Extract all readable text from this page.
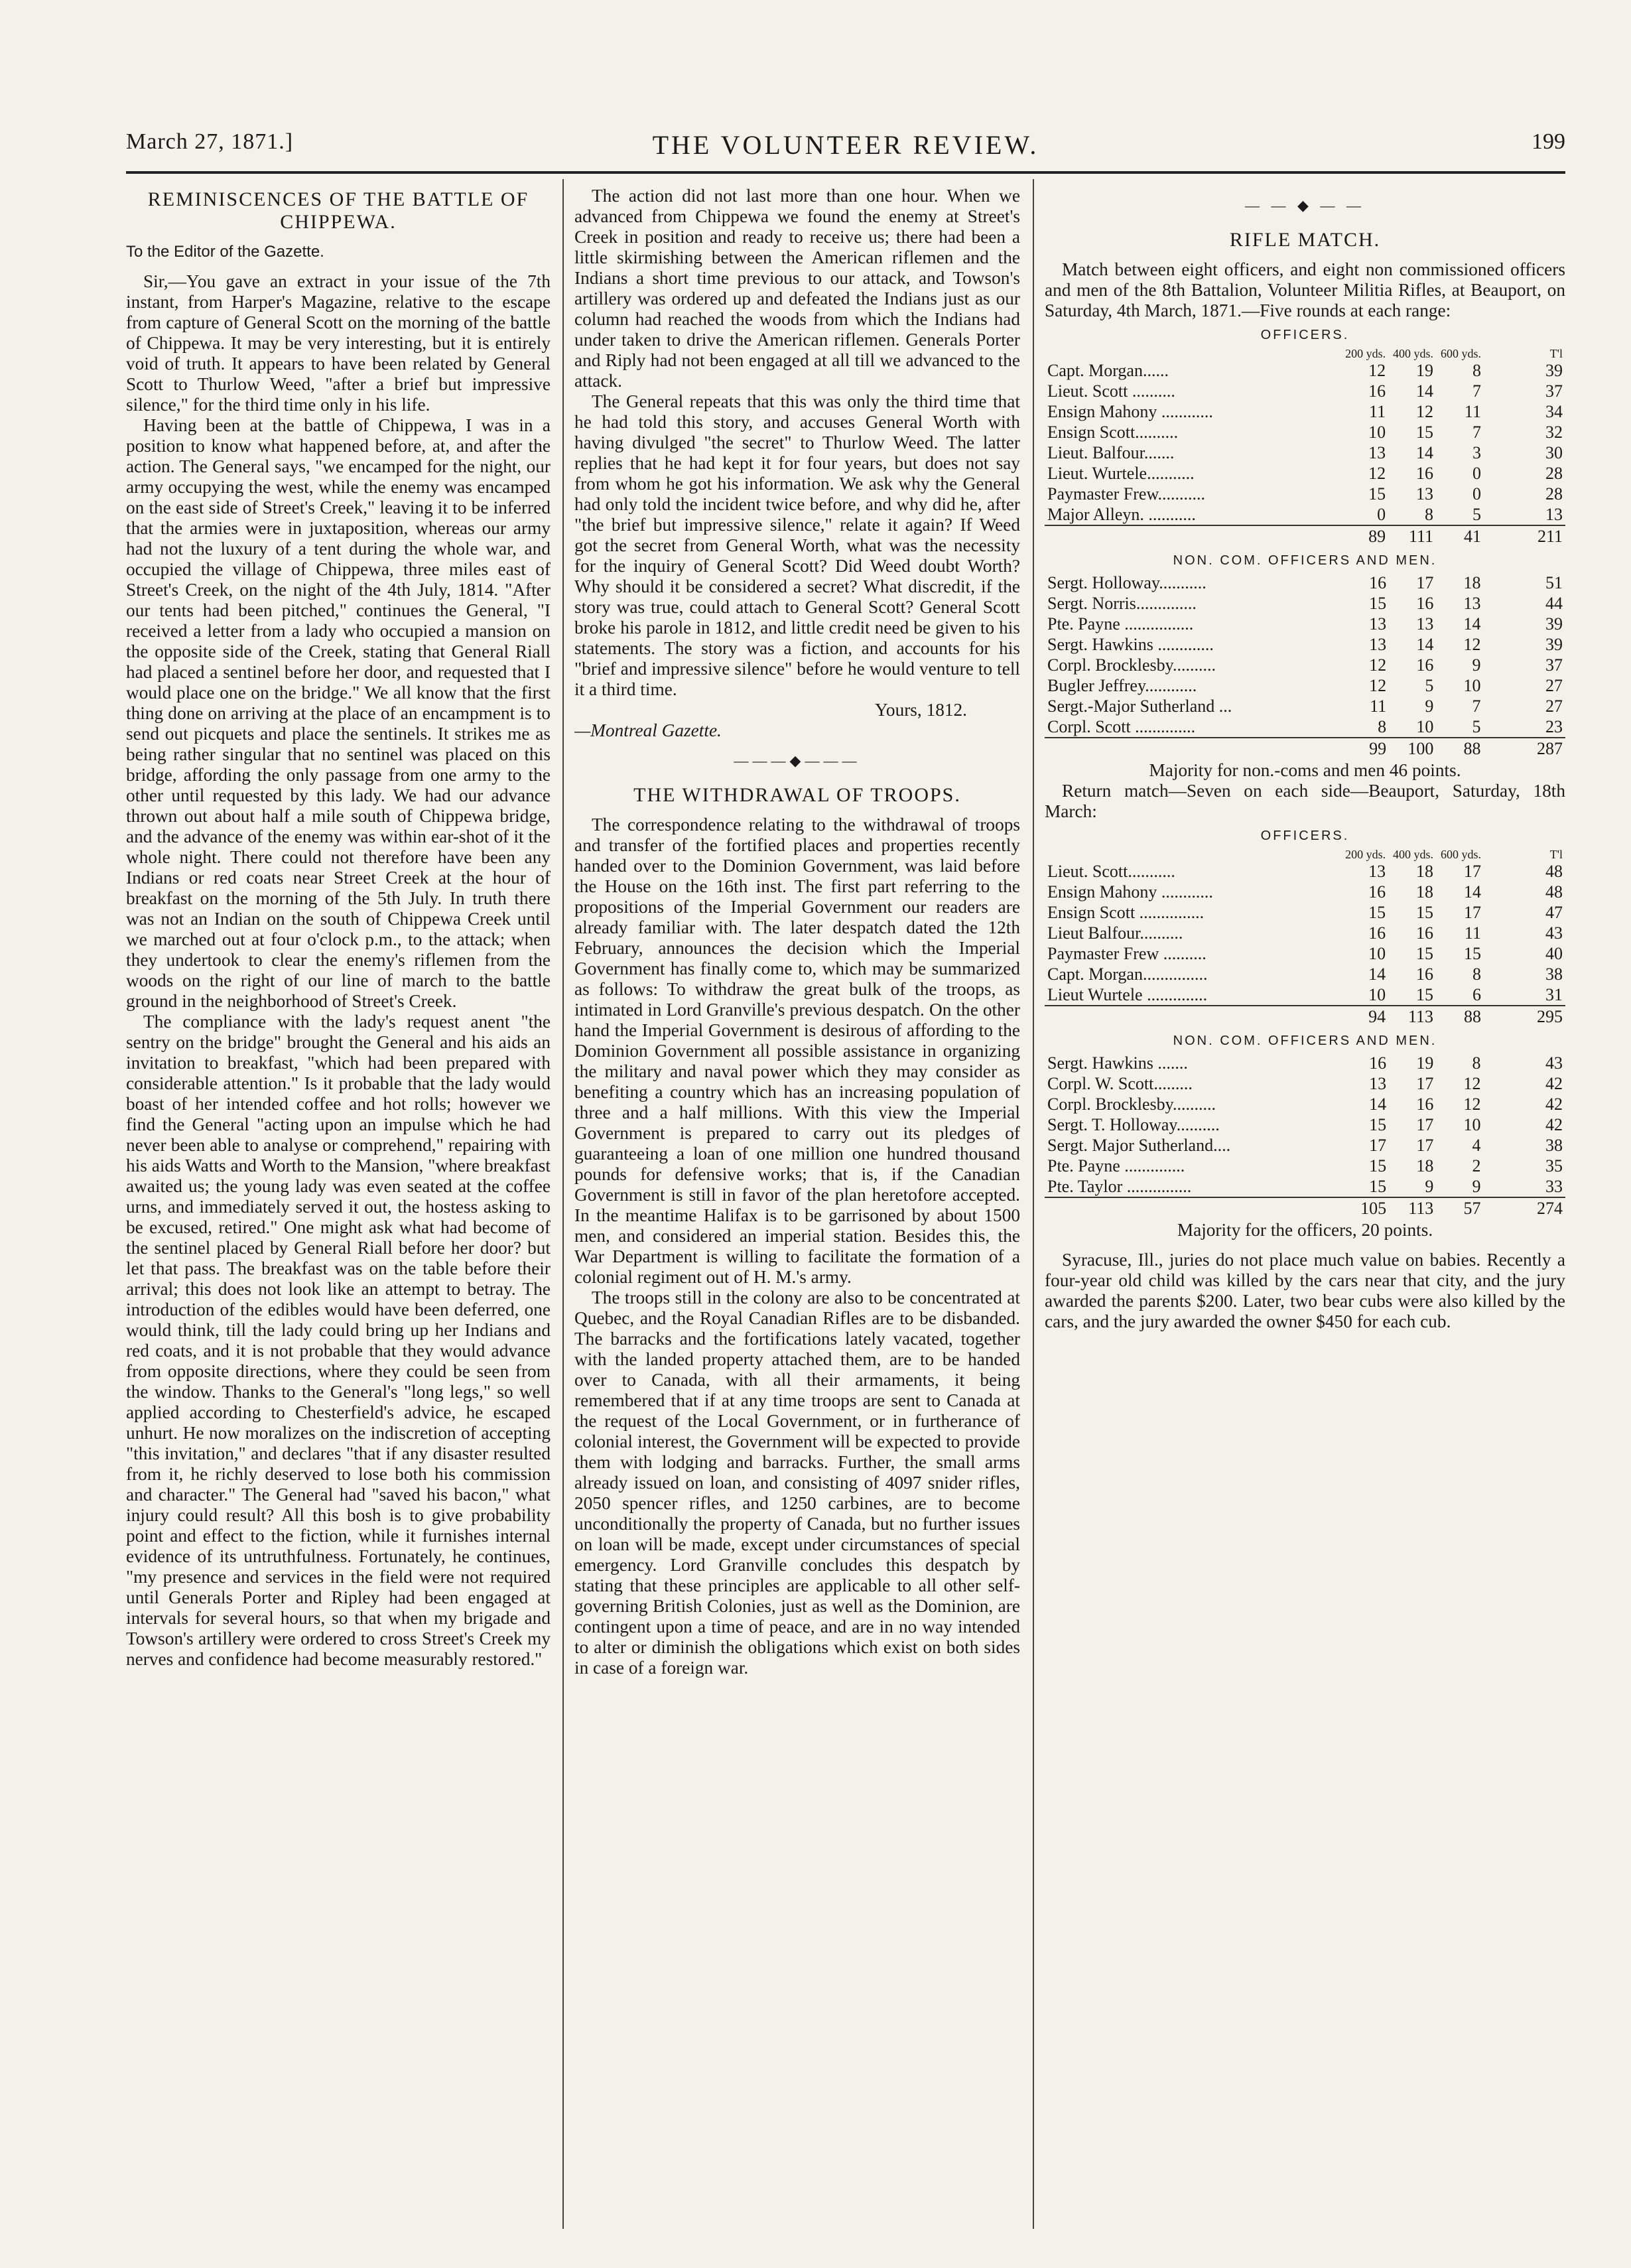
March 27, 1871.]	THE VOLUNTEER REVIEW.	199
REMINISCENCES OF THE BATTLE OF CHIPPEWA.
To the Editor of the Gazette.

Sir,—You gave an extract in your issue of the 7th instant, from Harper's Magazine, relative to the escape from capture of General Scott on the morning of the battle of Chippewa. It may be very interesting, but it is entirely void of truth. It appears to have been related by General Scott to Thurlow Weed, "after a brief but impressive silence," for the third time only in his life.

Having been at the battle of Chippewa, I was in a position to know what happened before, at, and after the action. The General says, "we encamped for the night, our army occupying the west, while the enemy was encamped on the east side of Street's Creek," leaving it to be inferred that the armies were in juxtaposition, whereas our army had not the luxury of a tent during the whole war, and occupied the village of Chippewa, three miles east of Street's Creek, on the night of the 4th July, 1814. "After our tents had been pitched," continues the General, "I received a letter from a lady who occupied a mansion on the opposite side of the Creek, stating that General Riall had placed a sentinel before her door, and requested that I would place one on the bridge." We all know that the first thing done on arriving at the place of an encampment is to send out picquets and place the sentinels. It strikes me as being rather singular that no sentinel was placed on this bridge, affording the only passage from one army to the other until requested by this lady. We had our advance thrown out about half a mile south of Chippewa bridge, and the advance of the enemy was within ear-shot of it the whole night. There could not therefore have been any Indians or red coats near Street Creek at the hour of breakfast on the morning of the 5th July. In truth there was not an Indian on the south of Chippewa Creek until we marched out at four o'clock p.m., to the attack; when they undertook to clear the enemy's riflemen from the woods on the right of our line of march to the battle ground in the neighborhood of Street's Creek.

The compliance with the lady's request anent "the sentry on the bridge" brought the General and his aids an invitation to breakfast, "which had been prepared with considerable attention." Is it probable that the lady would boast of her intended coffee and hot rolls; however we find the General "acting upon an impulse which he had never been able to analyse or comprehend," repairing with his aids Watts and Worth to the Mansion, "where breakfast awaited us; the young lady was even seated at the coffee urns, and immediately served it out, the hostess asking to be excused, retired." One might ask what had become of the sentinel placed by General Riall before her door? but let that pass. The breakfast was on the table before their arrival; this does not look like an attempt to betray. The introduction of the edibles would have been deferred, one would think, till the lady could bring up her Indians and red coats, and it is not probable that they would advance from opposite directions, where they could be seen from the window. Thanks to the General's "long legs," so well applied according to Chesterfield's advice, he escaped unhurt. He now moralizes on the indiscretion of accepting "this invitation," and declares "that if any disaster resulted from it, he richly deserved to lose both his commission and character." The General had "saved his bacon," what injury could result? All this bosh is to give probability point and effect to the fiction, while it furnishes internal evidence of its untruthfulness. Fortunately, he continues, "my presence and services in the field were not required until Generals Porter and Ripley had been engaged at intervals for several hours, so that when my brigade and Towson's artillery were ordered to cross Street's Creek my nerves and confidence had become measurably restored."

The action did not last more than one hour. When we advanced from Chippewa we found the enemy at Street's Creek in position and ready to receive us; there had been a little skirmishing between the American riflemen and the Indians a short time previous to our attack, and Towson's artillery was ordered up and defeated the Indians just as our column had reached the woods from which the Indians had under taken to drive the American riflemen. Generals Porter and Riply had not been engaged at all till we advanced to the attack.

The General repeats that this was only the third time that he had told this story, and accuses General Worth with having divulged "the secret" to Thurlow Weed. The latter replies that he had kept it for four years, but does not say from whom he got his information. We ask why the General had only told the incident twice before, and why did he, after "the brief but impressive silence," relate it again? If Weed got the secret from General Worth, what was the necessity for the inquiry of General Scott? Did Weed doubt Worth? Why should it be considered a secret? What discredit, if the story was true, could attach to General Scott? General Scott broke his parole in 1812, and little credit need be given to his statements. The story was a fiction, and accounts for his "brief and impressive silence" before he would venture to tell it a third time.

Yours, 1812.

—Montreal Gazette.

———◆———
THE WITHDRAWAL OF TROOPS.

The correspondence relating to the withdrawal of troops and transfer of the fortified places and properties recently handed over to the Dominion Government, was laid before the House on the 16th inst. The first part referring to the propositions of the Imperial Government our readers are already familiar with. The later despatch dated the 12th February, announces the decision which the Imperial Government has finally come to, which may be summarized as follows: To withdraw the great bulk of the troops, as intimated in Lord Granville's previous despatch. On the other hand the Imperial Government is desirous of affording to the Dominion Government all possible assistance in organizing the military and naval power which they may consider as benefiting a country which has an increasing population of three and a half millions. With this view the Imperial Government is prepared to carry out its pledges of guaranteeing a loan of one million one hundred thousand pounds for defensive works; that is, if the Canadian Government is still in favor of the plan heretofore accepted. In the meantime Halifax is to be garrisoned by about 1500 men, and considered an imperial station. Besides this, the War Department is willing to facilitate the formation of a colonial regiment out of H. M.'s army.

The troops still in the colony are also to be concentrated at Quebec, and the Royal Canadian Rifles are to be disbanded. The barracks and the fortifications lately vacated, together with the landed property attached them, are to be handed over to Canada, with all their armaments, it being remembered that if at any time troops are sent to Canada at the request of the Local Government, or in furtherance of colonial interest, the Government will be expected to provide them with lodging and barracks. Further, the small arms already issued on loan, and consisting of 4097 snider rifles, 2050 spencer rifles, and 1250 carbines, are to become unconditionally the property of Canada, but no further issues on loan will be made, except under circumstances of special emergency. Lord Granville concludes this despatch by stating that these principles are applicable to all other self-governing British Colonies, just as well as the Dominion, are contingent upon a time of peace, and are in no way intended to alter or diminish the obligations which exist on both sides in case of a foreign war.

— — ◆ — —
RIFLE MATCH.

Match between eight officers, and eight non commissioned officers and men of the 8th Battalion, Volunteer Militia Rifles, at Beauport, on Saturday, 4th March, 1871.—Five rounds at each range:

OFFICERS.
	200 yds.	400 yds.	600 yds.	T'l
Capt. Morgan......	12	19	8	39
Lieut. Scott ..........	16	14	7	37
Ensign Mahony ............	11	12	11	34
Ensign Scott..........	10	15	7	32
Lieut. Balfour.......	13	14	3	30
Lieut. Wurtele...........	12	16	0	28
Paymaster Frew...........	15	13	0	28
Major Alleyn. ...........	0	8	5	13
	89	111	41	211
NON. COM. OFFICERS AND MEN.
Sergt. Holloway...........	16	17	18	51
Sergt. Norris..............	15	16	13	44
Pte. Payne ................	13	13	14	39
Sergt. Hawkins .............	13	14	12	39
Corpl. Brocklesby..........	12	16	9	37
Bugler Jeffrey............	12	5	10	27
Sergt.-Major Sutherland ...	11	9	7	27
Corpl. Scott ..............	8	10	5	23
	99	100	88	287

Majority for non.-coms and men 46 points.

Return match—Seven on each side—Beauport, Saturday, 18th March:

OFFICERS.
	200 yds.	400 yds.	600 yds.	T'l
Lieut. Scott...........	13	18	17	48
Ensign Mahony ............	16	18	14	48
Ensign Scott ...............	15	15	17	47
Lieut Balfour..........	16	16	11	43
Paymaster Frew ..........	10	15	15	40
Capt. Morgan...............	14	16	8	38
Lieut Wurtele ..............	10	15	6	31
	94	113	88	295
NON. COM. OFFICERS AND MEN.
Sergt. Hawkins .......	16	19	8	43
Corpl. W. Scott.........	13	17	12	42
Corpl. Brocklesby..........	14	16	12	42
Sergt. T. Holloway..........	15	17	10	42
Sergt. Major Sutherland....	17	17	4	38
Pte. Payne ..............	15	18	2	35
Pte. Taylor ...............	15	9	9	33
	105	113	57	274

Majority for the officers, 20 points.

Syracuse, Ill., juries do not place much value on babies. Recently a four-year old child was killed by the cars near that city, and the jury awarded the parents $200. Later, two bear cubs were also killed by the cars, and the jury awarded the owner $450 for each cub.
